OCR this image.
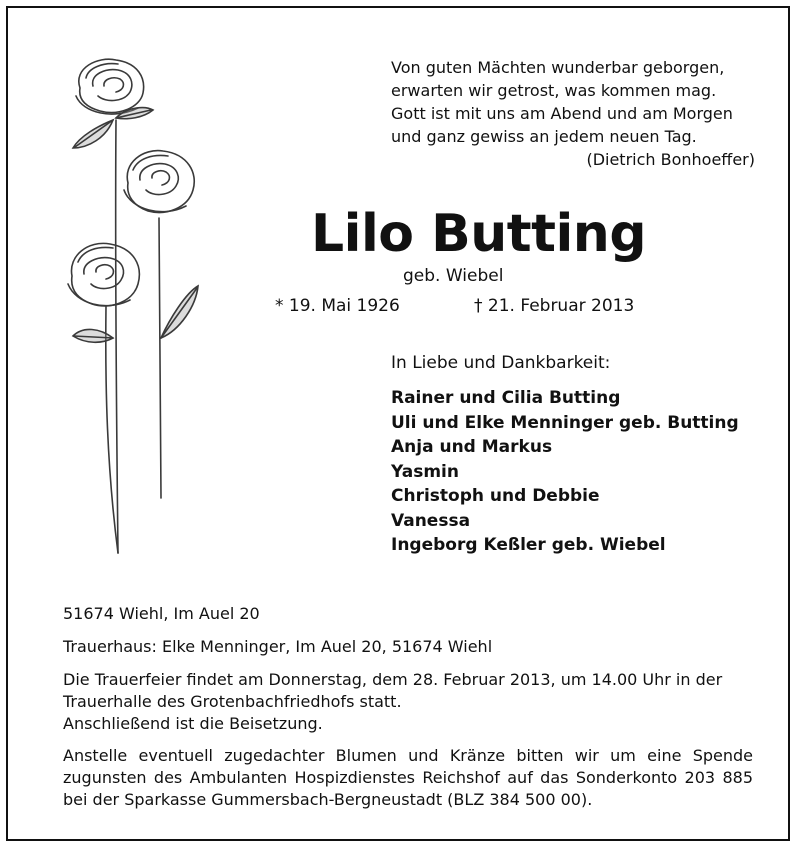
Von guten Mächten wunderbar geborgen,
erwarten wir getrost, was kommen mag.
Gott ist mit uns am Abend und am Morgen
und ganz gewiss an jedem neuen Tag.
(Dietrich Bonhoeffer)
Lilo Butting
geb. Wiebel
* 19. Mai 1926	† 21. Februar 2013
In Liebe und Dankbarkeit:
Rainer und Cilia Butting
Uli und Elke Menninger geb. Butting
Anja und Markus
Yasmin
Christoph und Debbie
Vanessa
Ingeborg Keßler geb. Wiebel

51674 Wiehl, Im Auel 20

Trauerhaus: Elke Menninger, Im Auel 20, 51674 Wiehl

Die Trauerfeier findet am Donnerstag, dem 28. Februar 2013, um 14.00 Uhr in der

Trauerhalle des Grotenbachfriedhofs statt.

Anschließend ist die Beisetzung.

Anstelle eventuell zugedachter Blumen und Kränze bitten wir um eine Spende

zugunsten des Ambulanten Hospizdienstes Reichshof auf das Sonderkonto 203 885

bei der Sparkasse Gummersbach-Bergneustadt (BLZ 384 500 00).
